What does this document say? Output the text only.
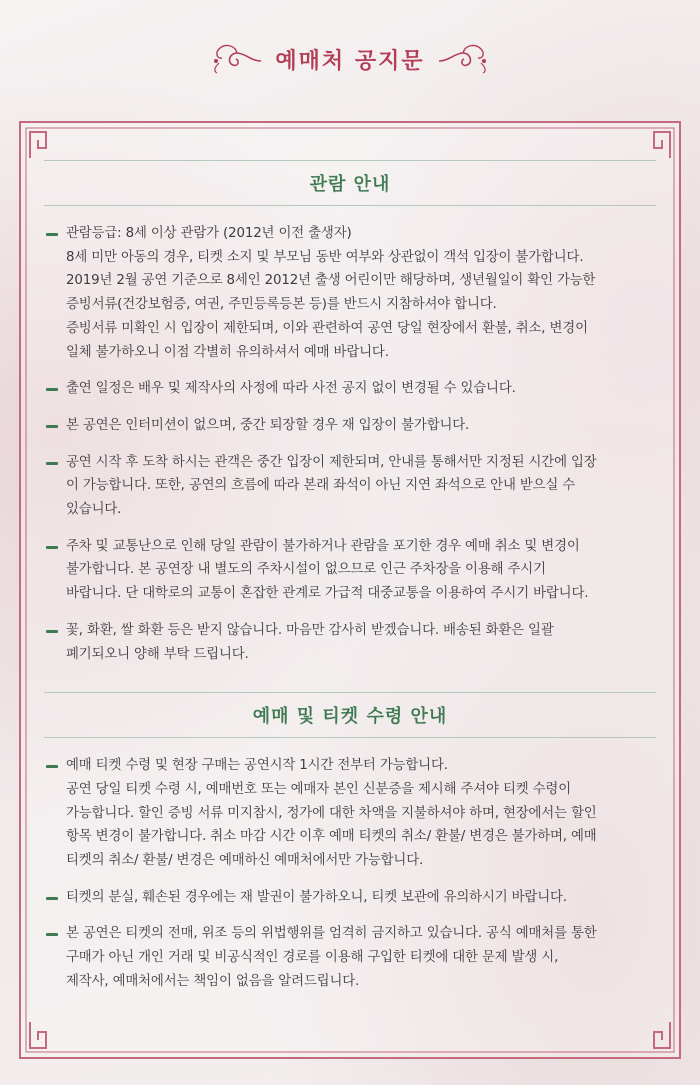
예매처 공지문
관람 안내
관람등급: 8세 이상 관람가 (2012년 이전 출생자)
8세 미만 아동의 경우, 티켓 소지 및 부모님 동반 여부와 상관없이 객석 입장이 불가합니다.
2019년 2월 공연 기준으로 8세인 2012년 출생 어린이만 해당하며, 생년월일이 확인 가능한
증빙서류(건강보험증, 여권, 주민등록등본 등)를 반드시 지참하셔야 합니다.
증빙서류 미확인 시 입장이 제한되며, 이와 관련하여 공연 당일 현장에서 환불, 취소, 변경이
일체 불가하오니 이점 각별히 유의하셔서 예매 바랍니다.
출연 일정은 배우 및 제작사의 사정에 따라 사전 공지 없이 변경될 수 있습니다.
본 공연은 인터미션이 없으며, 중간 퇴장할 경우 재 입장이 불가합니다.
공연 시작 후 도착 하시는 관객은 중간 입장이 제한되며, 안내를 통해서만 지정된 시간에 입장
이 가능합니다. 또한, 공연의 흐름에 따라 본래 좌석이 아닌 지연 좌석으로 안내 받으실 수
있습니다.
주차 및 교통난으로 인해 당일 관람이 불가하거나 관람을 포기한 경우 예매 취소 및 변경이
불가합니다. 본 공연장 내 별도의 주차시설이 없으므로 인근 주차장을 이용해 주시기
바랍니다. 단 대학로의 교통이 혼잡한 관계로 가급적 대중교통을 이용하여 주시기 바랍니다.
꽃, 화환, 쌀 화환 등은 받지 않습니다. 마음만 감사히 받겠습니다. 배송된 화환은 일괄
폐기되오니 양해 부탁 드립니다.
예매 및 티켓 수령 안내
예매 티켓 수령 및 현장 구매는 공연시작 1시간 전부터 가능합니다.
공연 당일 티켓 수령 시, 예매번호 또는 예매자 본인 신분증을 제시해 주셔야 티켓 수령이
가능합니다. 할인 증빙 서류 미지참시, 정가에 대한 차액을 지불하셔야 하며, 현장에서는 할인
항목 변경이 불가합니다. 취소 마감 시간 이후 예매 티켓의 취소/ 환불/ 변경은 불가하며, 예매
티켓의 취소/ 환불/ 변경은 예매하신 예매처에서만 가능합니다.
티켓의 분실, 훼손된 경우에는 재 발권이 불가하오니, 티켓 보관에 유의하시기 바랍니다.
본 공연은 티켓의 전매, 위조 등의 위법행위를 엄격히 금지하고 있습니다. 공식 예매처를 통한
구매가 아닌 개인 거래 및 비공식적인 경로를 이용해 구입한 티켓에 대한 문제 발생 시,
제작사, 예매처에서는 책임이 없음을 알려드립니다.
